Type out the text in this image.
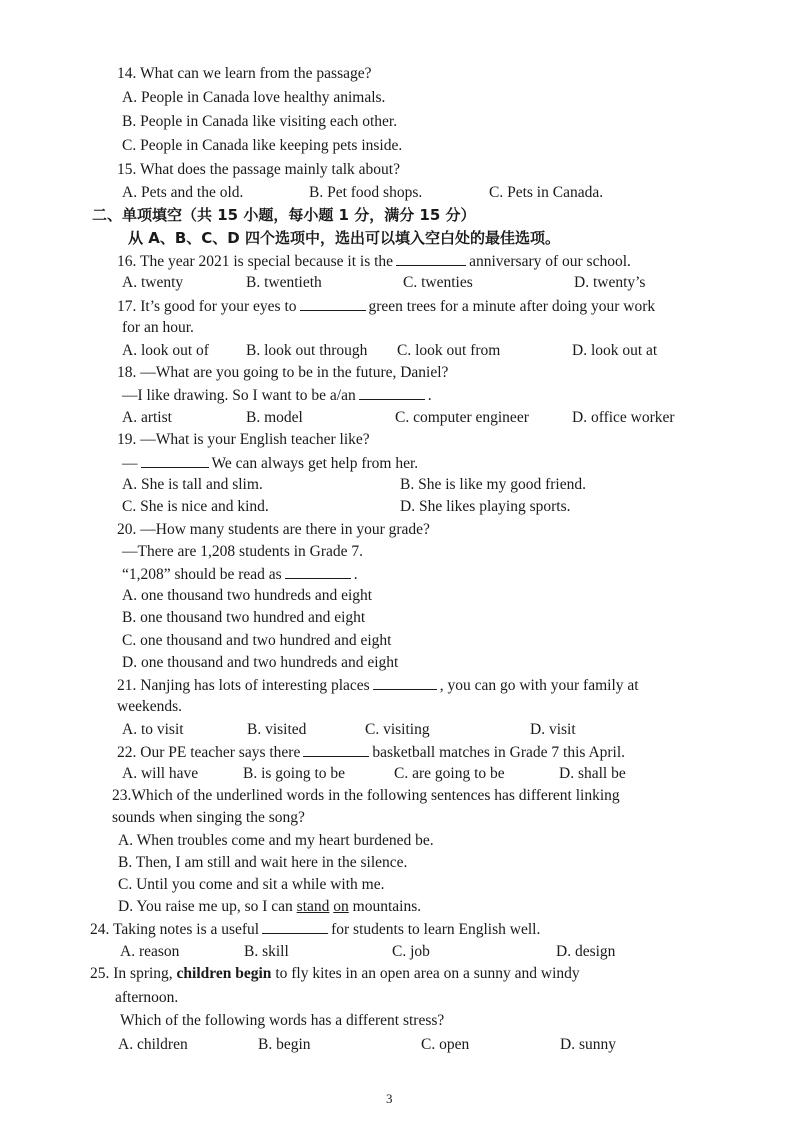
14. What can we learn from the passage?
A. People in Canada love healthy animals.
B. People in Canada like visiting each other.
C. People in Canada like keeping pets inside.
15. What does the passage mainly talk about?
A. Pets and the old.	B. Pet food shops.	C. Pets in Canada.
二、单项填空（共 15 小题，每小题 1 分，满分 15 分）
从 A、B、C、D 四个选项中，选出可以填入空白处的最佳选项。
16. The year 2021 is special because it is the	anniversary of our school.
A. twenty	B. twentieth	C. twenties	D. twenty’s
17. It’s good for your eyes to	green trees for a minute after doing your work
for an hour.
A. look out of B. look out through C. look out from	D. look out at
18. —What are you going to be in the future, Daniel?
—I like drawing. So I want to be a/an	.
A. artist	B. model	C. computer engineer	D. office worker
19. —What is your English teacher like?
—	We can always get help from her.
A. She is tall and slim.	B. She is like my good friend.
C. She is nice and kind.	D. She likes playing sports.
20. —How many students are there in your grade?
—There are 1,208 students in Grade 7.
“1,208” should be read as	.
A. one thousand two hundreds and eight
B. one thousand two hundred and eight
C. one thousand and two hundred and eight
D. one thousand and two hundreds and eight
21. Nanjing has lots of interesting places	, you can go with your family at
weekends.
A. to visit	B. visited	C. visiting	D. visit
22. Our PE teacher says there	basketball matches in Grade 7 this April.
A. will have	B. is going to be	C. are going to be	D. shall be
23.Which of the underlined words in the following sentences has different linking
sounds when singing the song?
A. When troubles come and my heart burdened be.
B. Then, I am still and wait here in the silence.
C. Until you come and sit a while with me.
D. You raise me up, so I can stand on mountains.
24. Taking notes is a useful	for students to learn English well.
A. reason	B. skill	C. job	D. design
25. In spring, children begin to fly kites in an open area on a sunny and windy
afternoon.
Which of the following words has a different stress?
A. children	B. begin	C. open	D. sunny
3
